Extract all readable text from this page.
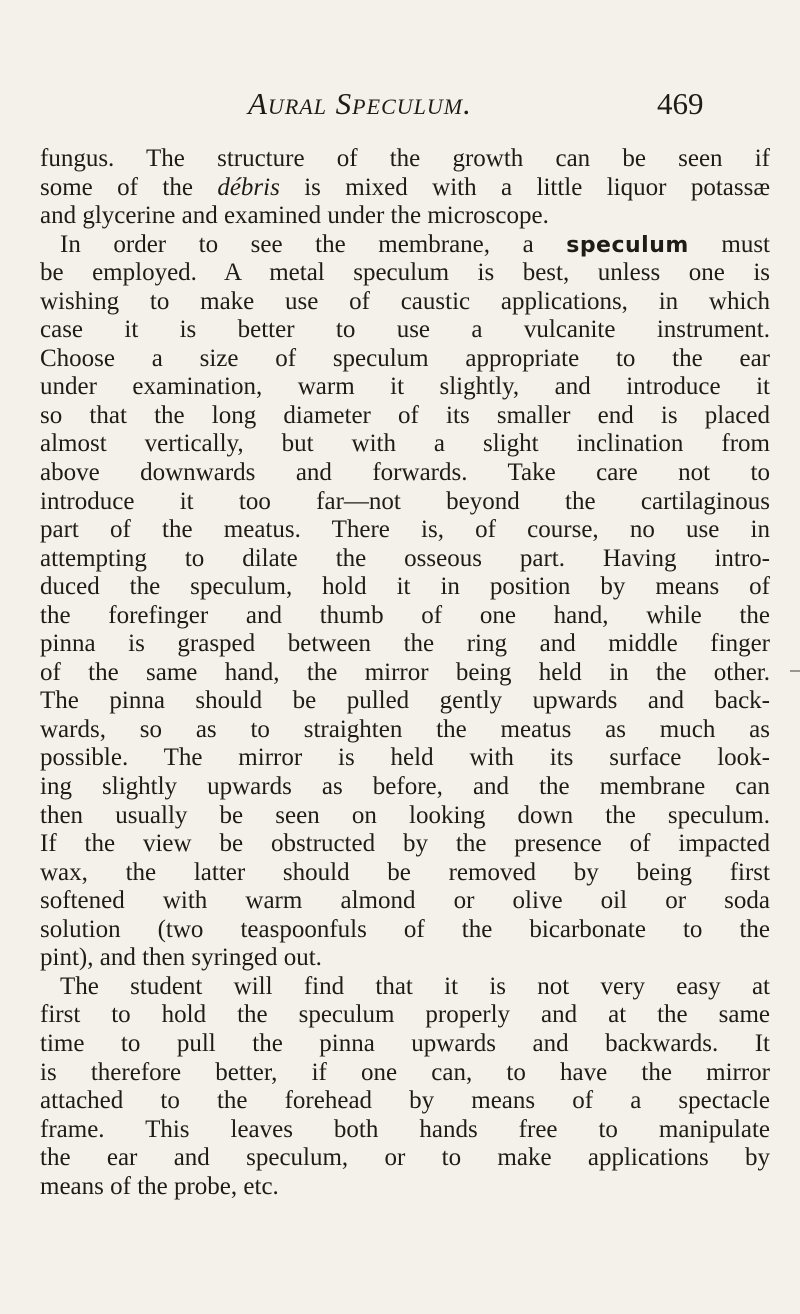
Aural Speculum.	469
fungus. The structure of the growth can be seen if
some of the débris is mixed with a little liquor potassæ
and glycerine and examined under the microscope.
In order to see the membrane, a speculum must
be employed. A metal speculum is best, unless one is
wishing to make use of caustic applications, in which
case it is better to use a vulcanite instrument.
Choose a size of speculum appropriate to the ear
under examination, warm it slightly, and introduce it
so that the long diameter of its smaller end is placed
almost vertically, but with a slight inclination from
above downwards and forwards. Take care not to
introduce it too far—not beyond the cartilaginous
part of the meatus. There is, of course, no use in
attempting to dilate the osseous part. Having intro-
duced the speculum, hold it in position by means of
the forefinger and thumb of one hand, while the
pinna is grasped between the ring and middle finger
of the same hand, the mirror being held in the other.
The pinna should be pulled gently upwards and back-
wards, so as to straighten the meatus as much as
possible. The mirror is held with its surface look-
ing slightly upwards as before, and the membrane can
then usually be seen on looking down the speculum.
If the view be obstructed by the presence of impacted
wax, the latter should be removed by being first
softened with warm almond or olive oil or soda
solution (two teaspoonfuls of the bicarbonate to the
pint), and then syringed out.
The student will find that it is not very easy at
first to hold the speculum properly and at the same
time to pull the pinna upwards and backwards. It
is therefore better, if one can, to have the mirror
attached to the forehead by means of a spectacle
frame. This leaves both hands free to manipulate
the ear and speculum, or to make applications by
means of the probe, etc.
